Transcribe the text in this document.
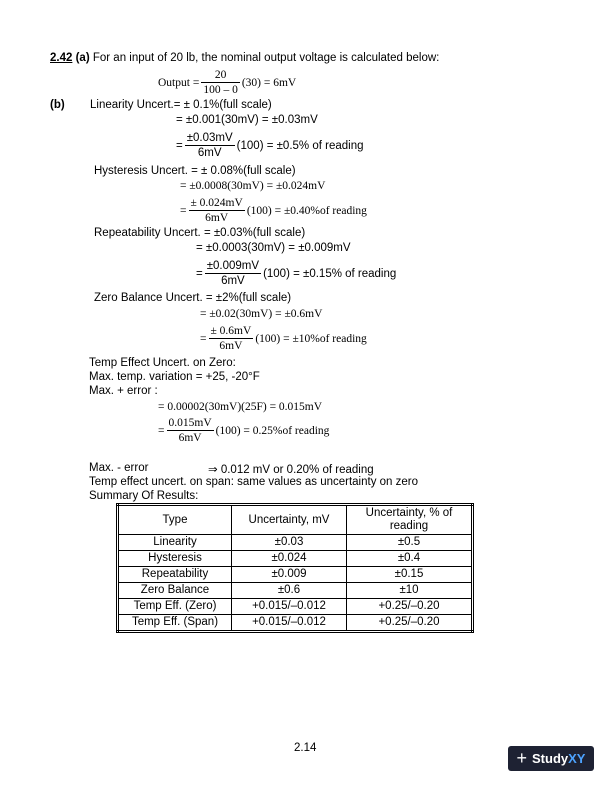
2.42 (a) For an input of 20 lb, the nominal output voltage is calculated below:
Output = $\frac{20}{100 - 0} (30) = 6mV$
(b) Linearity Uncert.= ± 0.1%(full scale)
= ±0.001(30mV) = ±0.03mV
= $\frac{\pm 0.03mV}{6mV} (100) = \pm 0.5\%$ of reading
Hysteresis Uncert. = ± 0.08%(full scale)
= ±0.0008(30mV) = ±0.024mV
= $\frac{\pm 0.024mV}{6mV} (100) = \pm 0.40\%of$ reading
Repeatability Uncert. = ±0.03%(full scale)
= ±0.0003(30mV) = ±0.009mV
= $\frac{\pm 0.009mV}{6mV} (100) = \pm 0.15\%$ of reading
Zero Balance Uncert. = ±2%(full scale)
= ±0.02(30mV) = ±0.6mV
= $\frac{\pm 0.6mV}{6mV} (100) = \pm 10\%of$ reading
Temp Effect Uncert. on Zero:
Max. temp. variation = +25, -20°F
Max. + error :
= 0.00002(30mV)(25F) = 0.015mV
= $\frac{0.015mV}{6mV} (100) = 0.25\%of$ reading
Max. - error	⇒ 0.012 mV or 0.20% of reading
Temp effect uncert. on span: same values as uncertainty on zero
Summary Of Results:
Type	Uncertainty, mV	Uncertainty, % of reading
Linearity	±0.03	±0.5
Hysteresis	±0.024	±0.4
Repeatability	±0.009	±0.15
Zero Balance	±0.6	±10
Temp Eff. (Zero)	+0.015/–0.012	+0.25/–0.20
Temp Eff. (Span)	+0.015/–0.012	+0.25/–0.20
2.14	+ Study XY
